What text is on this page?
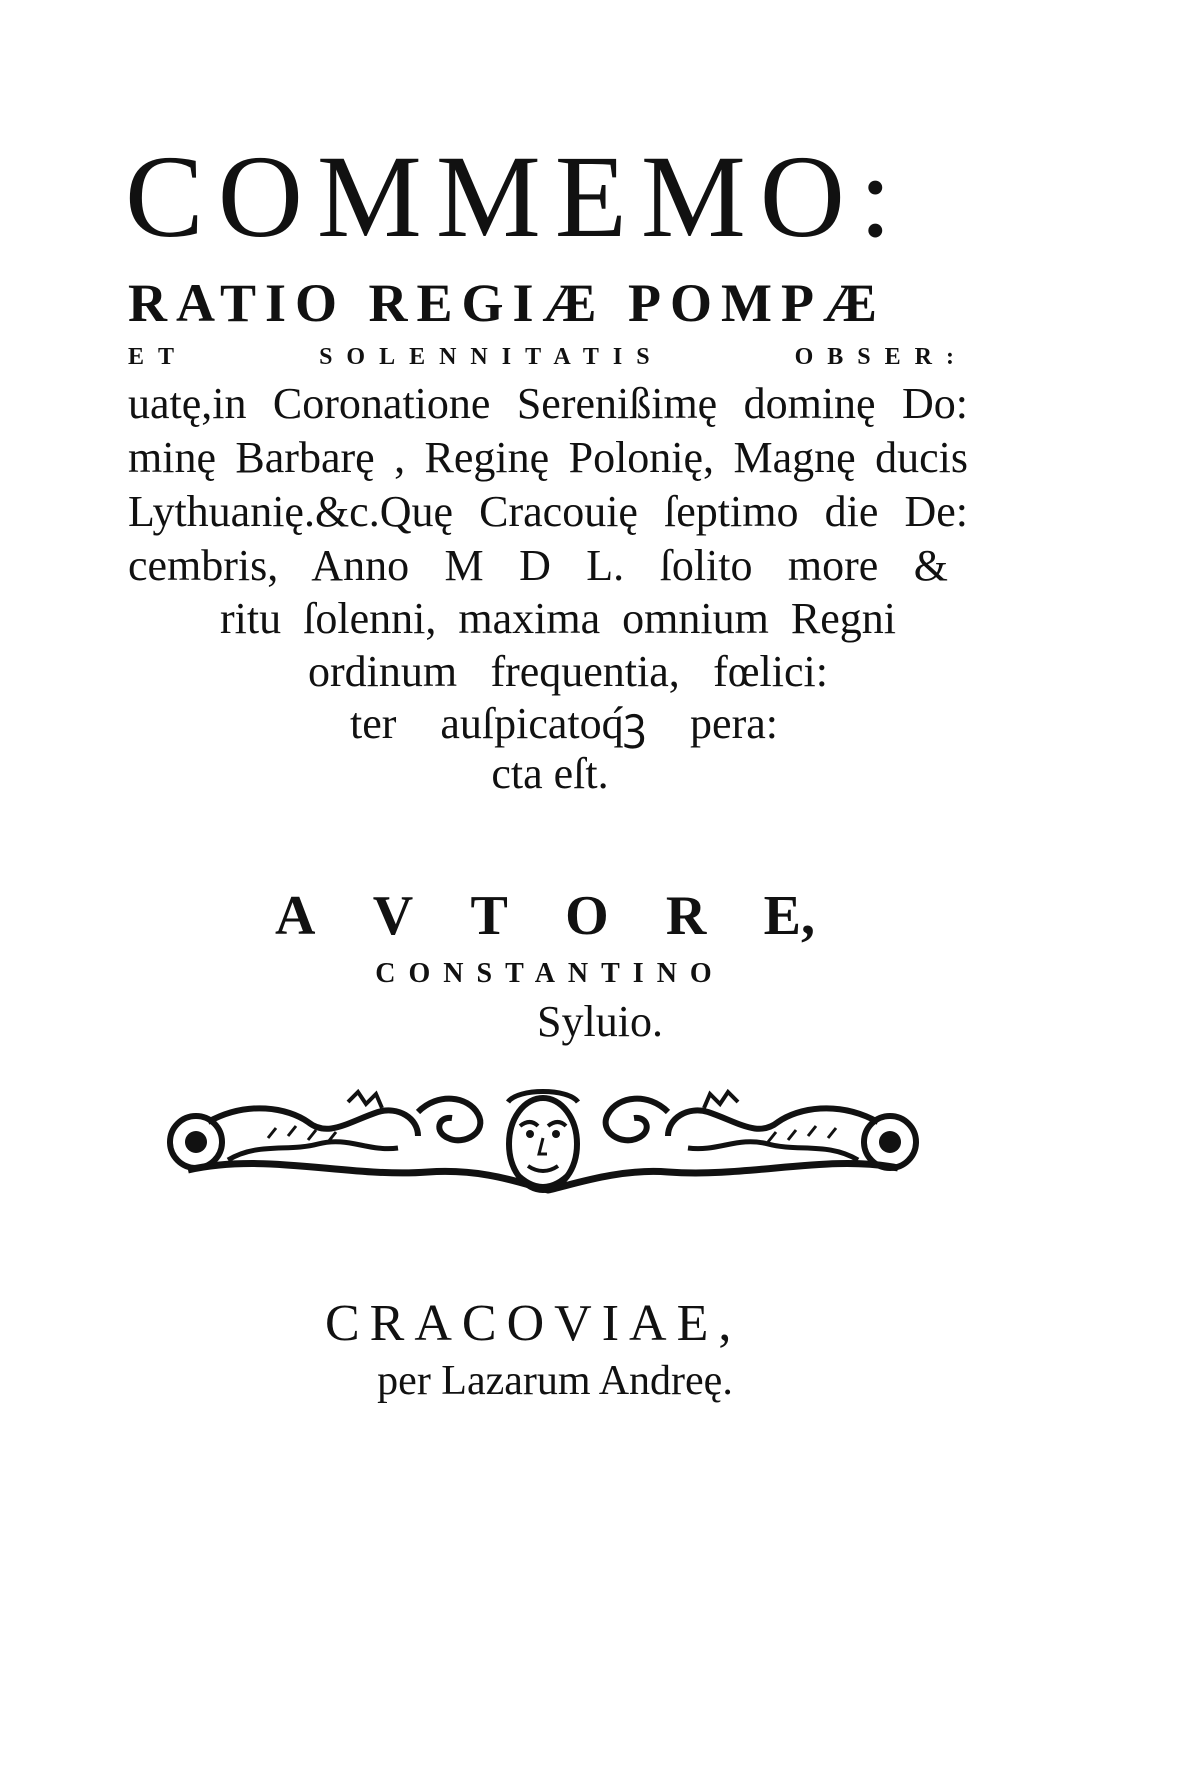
COMMEMO:
RATIO REGIÆ POMPÆ
ET	SOLENNITATIS	OBSER:
uatę,in Coronatione Serenißimę dominę Do:
minę Barbarę , Reginę Polonię, Magnę ducis
Lythuanię.&c.Quę Cracouię ſeptimo die De:
cembris, Anno M D L. ſolito more &
ritu ſolenni, maxima omnium Regni
ordinum frequentia, fœlici:
ter auſpicatoq́ꝫ pera:
cta eſt.
A V T O R E,
CONSTANTINO
Syluio.
CRACOVIAE,
per Lazarum Andreę.
